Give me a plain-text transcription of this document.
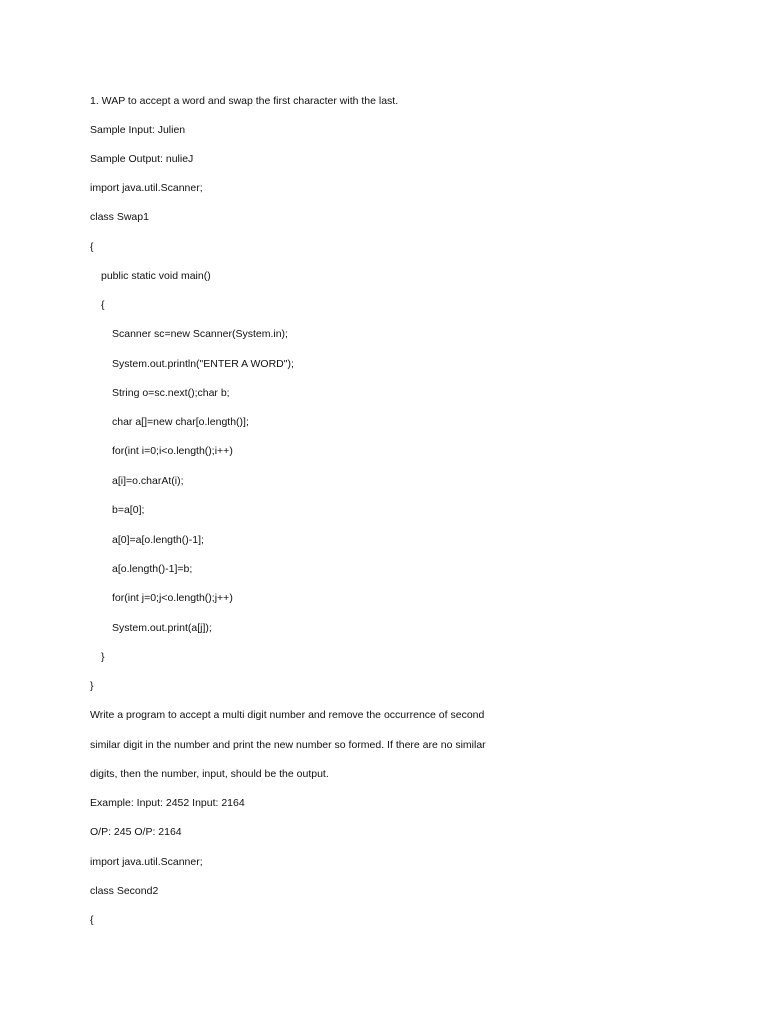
1. WAP to accept a word and swap the first character with the last.
Sample Input: Julien
Sample Output: nulieJ
import java.util.Scanner;
class Swap1
{
public static void main()
{
Scanner sc=new Scanner(System.in);
System.out.println("ENTER A WORD");
String o=sc.next();char b;
char a[]=new char[o.length()];
for(int i=0;i<o.length();i++)
a[i]=o.charAt(i);
b=a[0];
a[0]=a[o.length()-1];
a[o.length()-1]=b;
for(int j=0;j<o.length();j++)
System.out.print(a[j]);
}
}
Write a program to accept a multi digit number and remove the occurrence of second
similar digit in the number and print the new number so formed. If there are no similar
digits, then the number, input, should be the output.
Example: Input: 2452 Input: 2164
O/P: 245 O/P: 2164
import java.util.Scanner;
class Second2
{
